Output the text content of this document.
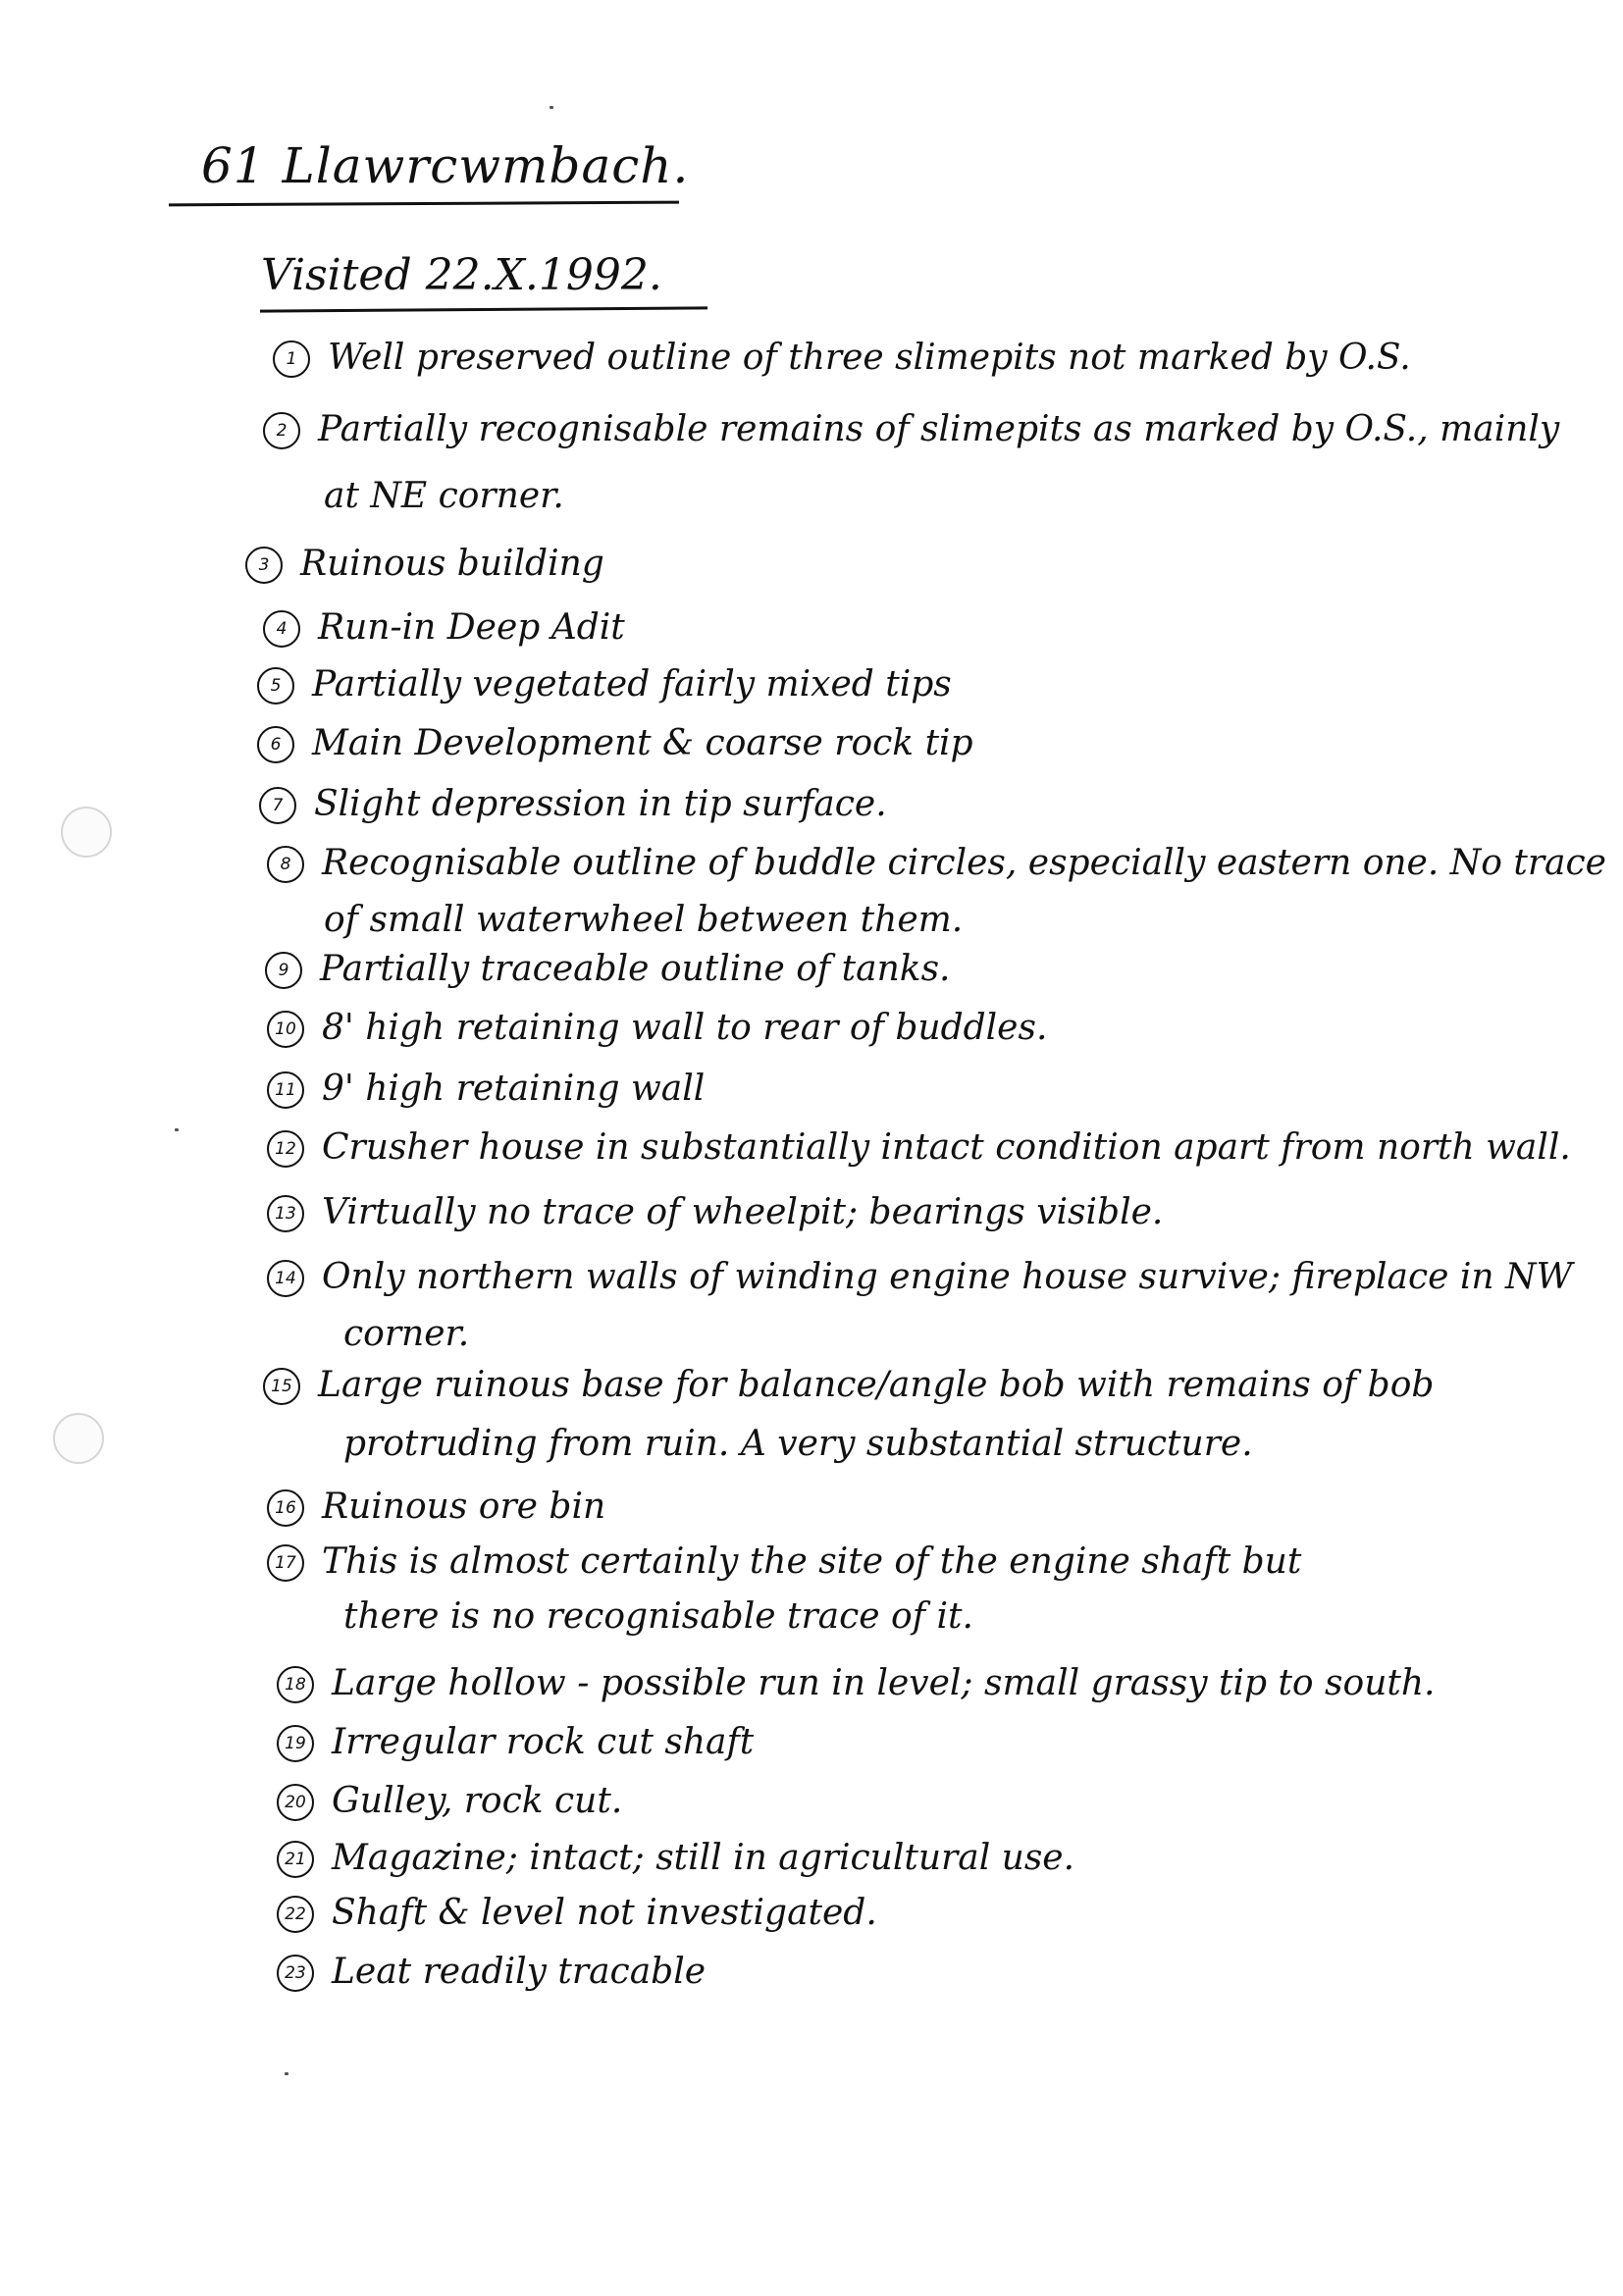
61 Llawrcwmbach.
Visited 22.X.1992.
1 Well preserved outline of three slimepits not marked by O.S.
2 Partially recognisable remains of slimepits as marked by O.S., mainly
at NE corner.
3 Ruinous building
4 Run-in Deep Adit
5 Partially vegetated fairly mixed tips
6 Main Development & coarse rock tip
7 Slight depression in tip surface.
8 Recognisable outline of buddle circles, especially eastern one. No trace
of small waterwheel between them.
9 Partially traceable outline of tanks.
10 8' high retaining wall to rear of buddles.
11 9' high retaining wall
12 Crusher house in substantially intact condition apart from north wall.
13 Virtually no trace of wheelpit; bearings visible.
14 Only northern walls of winding engine house survive; fireplace in NW
corner.
15 Large ruinous base for balance/angle bob with remains of bob
protruding from ruin. A very substantial structure.
16 Ruinous ore bin
17 This is almost certainly the site of the engine shaft but
there is no recognisable trace of it.
18 Large hollow - possible run in level; small grassy tip to south.
19 Irregular rock cut shaft
20 Gulley, rock cut.
21 Magazine; intact; still in agricultural use.
22 Shaft & level not investigated.
23 Leat readily tracable
